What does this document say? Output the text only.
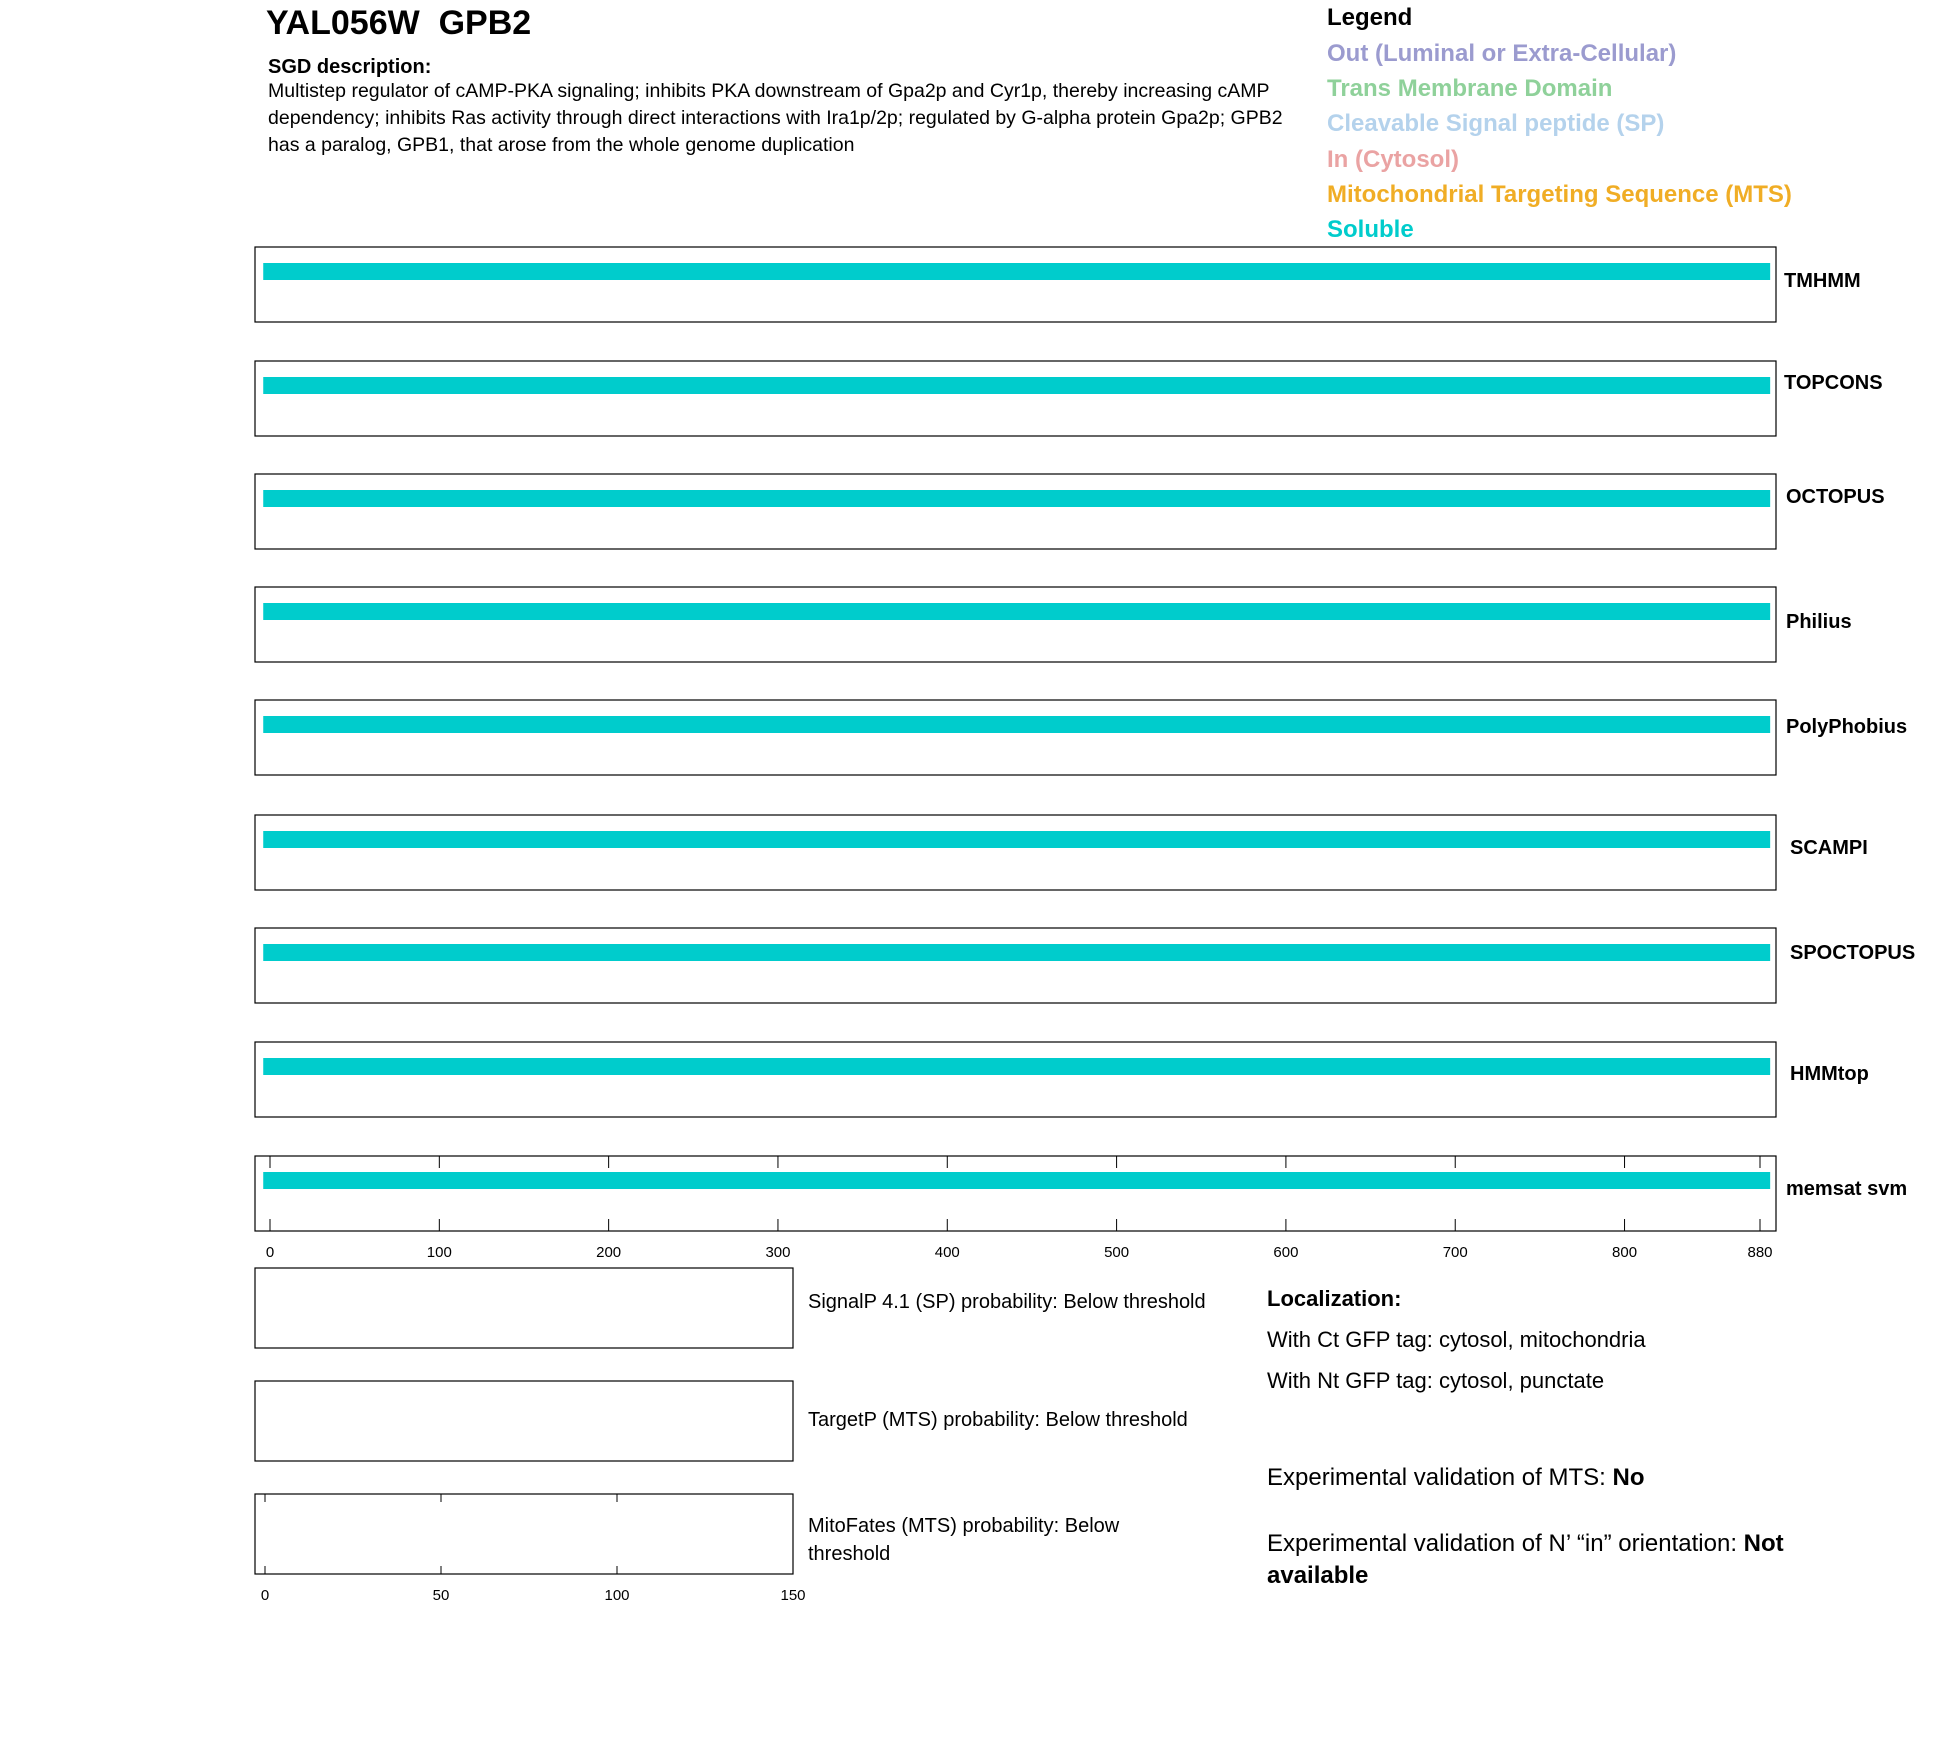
YAL056W  GPB2
SGD description:
Multistep regulator of cAMP-PKA signaling; inhibits PKA downstream of Gpa2p and Cyr1p, thereby increasing cAMP dependency; inhibits Ras activity through direct interactions with Ira1p/2p; regulated by G-alpha protein Gpa2p; GPB2 has a paralog, GPB1, that arose from the whole genome duplication
Legend
Out (Luminal or Extra-Cellular)
Trans Membrane Domain
Cleavable Signal peptide (SP)
In (Cytosol)
Mitochondrial Targeting Sequence (MTS)
Soluble
0	100	200	300	400	500	600	700	800	880
0	50	100	150
TMHMM
TOPCONS
OCTOPUS
Philius
PolyPhobius
SCAMPI
SPOCTOPUS
HMMtop
memsat svm
SignalP 4.1 (SP) probability: Below threshold
TargetP (MTS) probability: Below threshold
MitoFates (MTS) probability: Below threshold
Localization:
With Ct GFP tag: cytosol, mitochondria
With Nt GFP tag: cytosol, punctate
Experimental validation of MTS: No
Experimental validation of N’ “in” orientation: Not available
